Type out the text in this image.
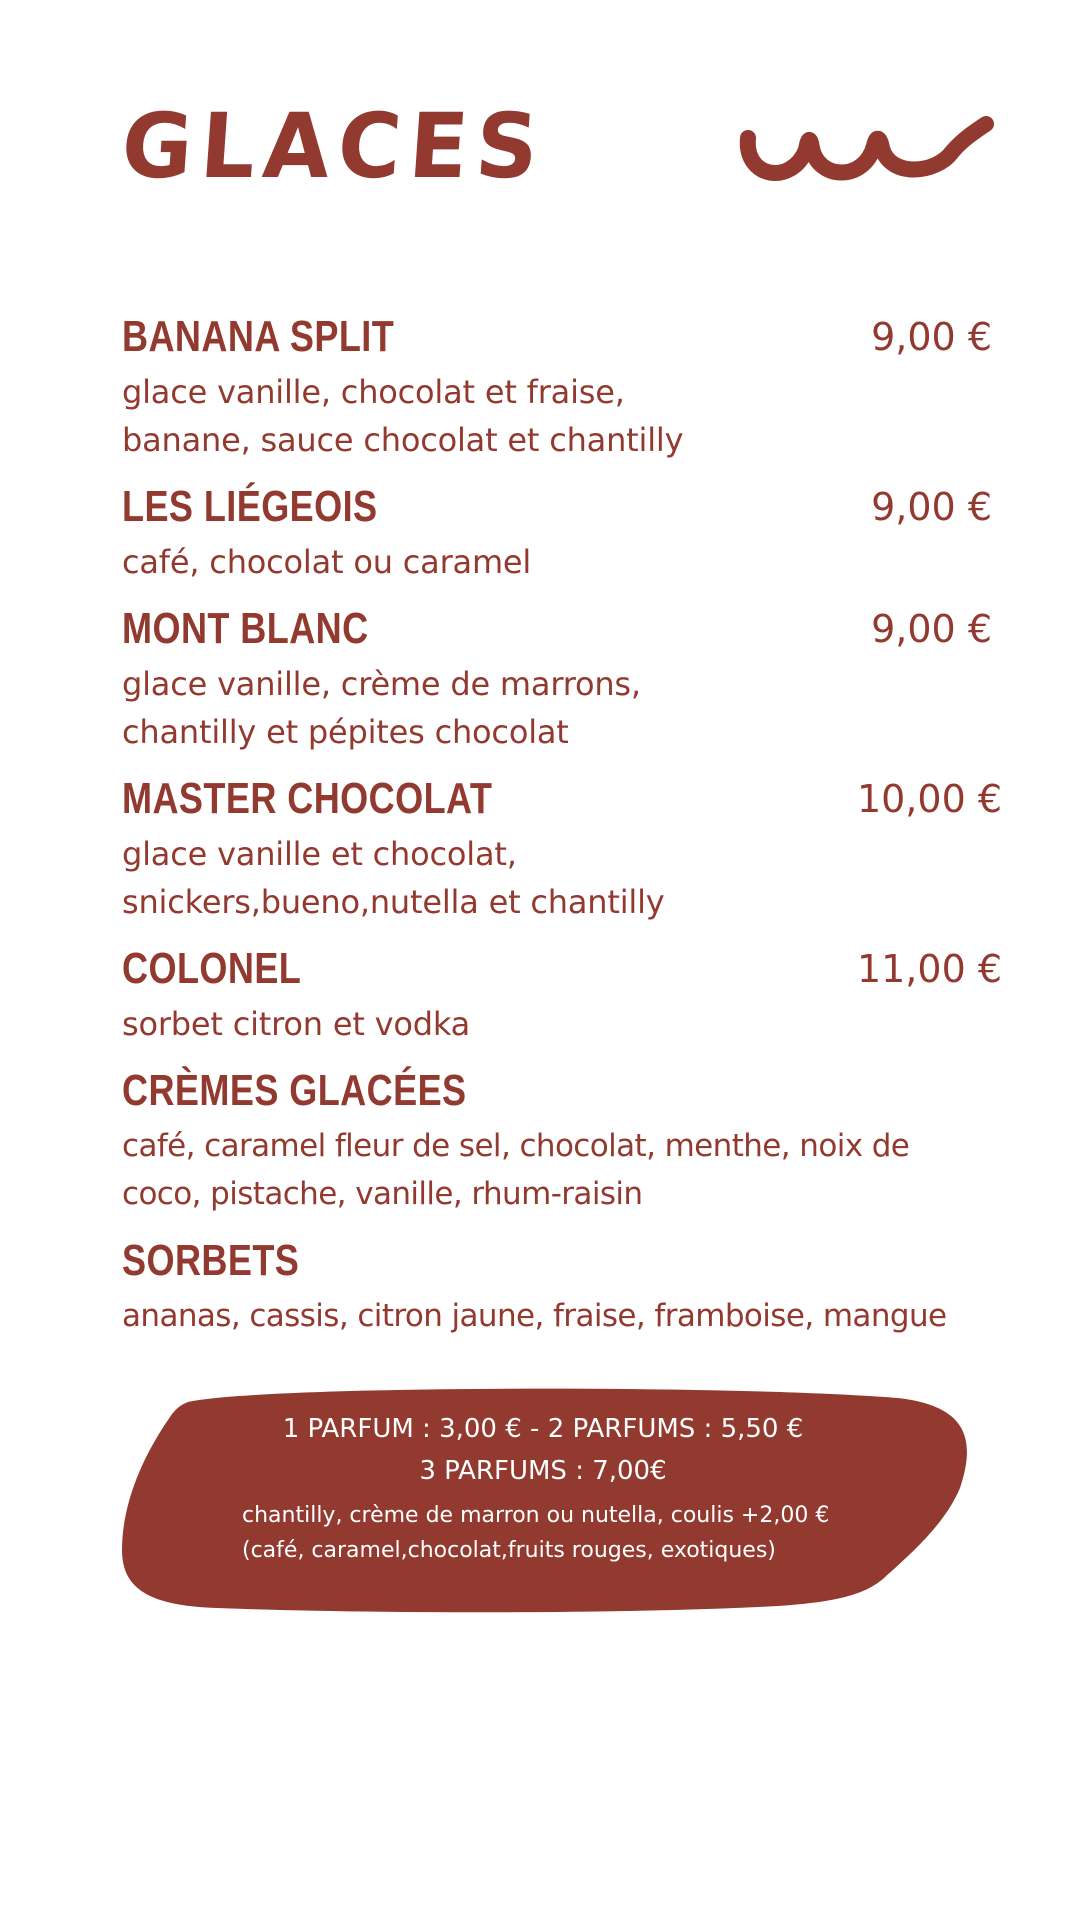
GLACES
BANANA SPLIT	9,00 €
glace vanille, chocolat et fraise,
banane, sauce chocolat et chantilly
LES LIÉGEOIS	9,00 €
café, chocolat ou caramel
MONT BLANC	9,00 €
glace vanille, crème de marrons,
chantilly et pépites chocolat
MASTER CHOCOLAT	10,00 €
glace vanille et chocolat,
snickers,bueno,nutella et chantilly
COLONEL	11,00 €
sorbet citron et vodka
CRÈMES GLACÉES
café, caramel fleur de sel, chocolat, menthe, noix de
coco, pistache, vanille, rhum-raisin
SORBETS
ananas, cassis, citron jaune, fraise, framboise, mangue
1 PARFUM : 3,00 € - 2 PARFUMS : 5,50 €
3 PARFUMS : 7,00€
chantilly, crème de marron ou nutella, coulis +2,00 €
(café, caramel,chocolat,fruits rouges, exotiques)
